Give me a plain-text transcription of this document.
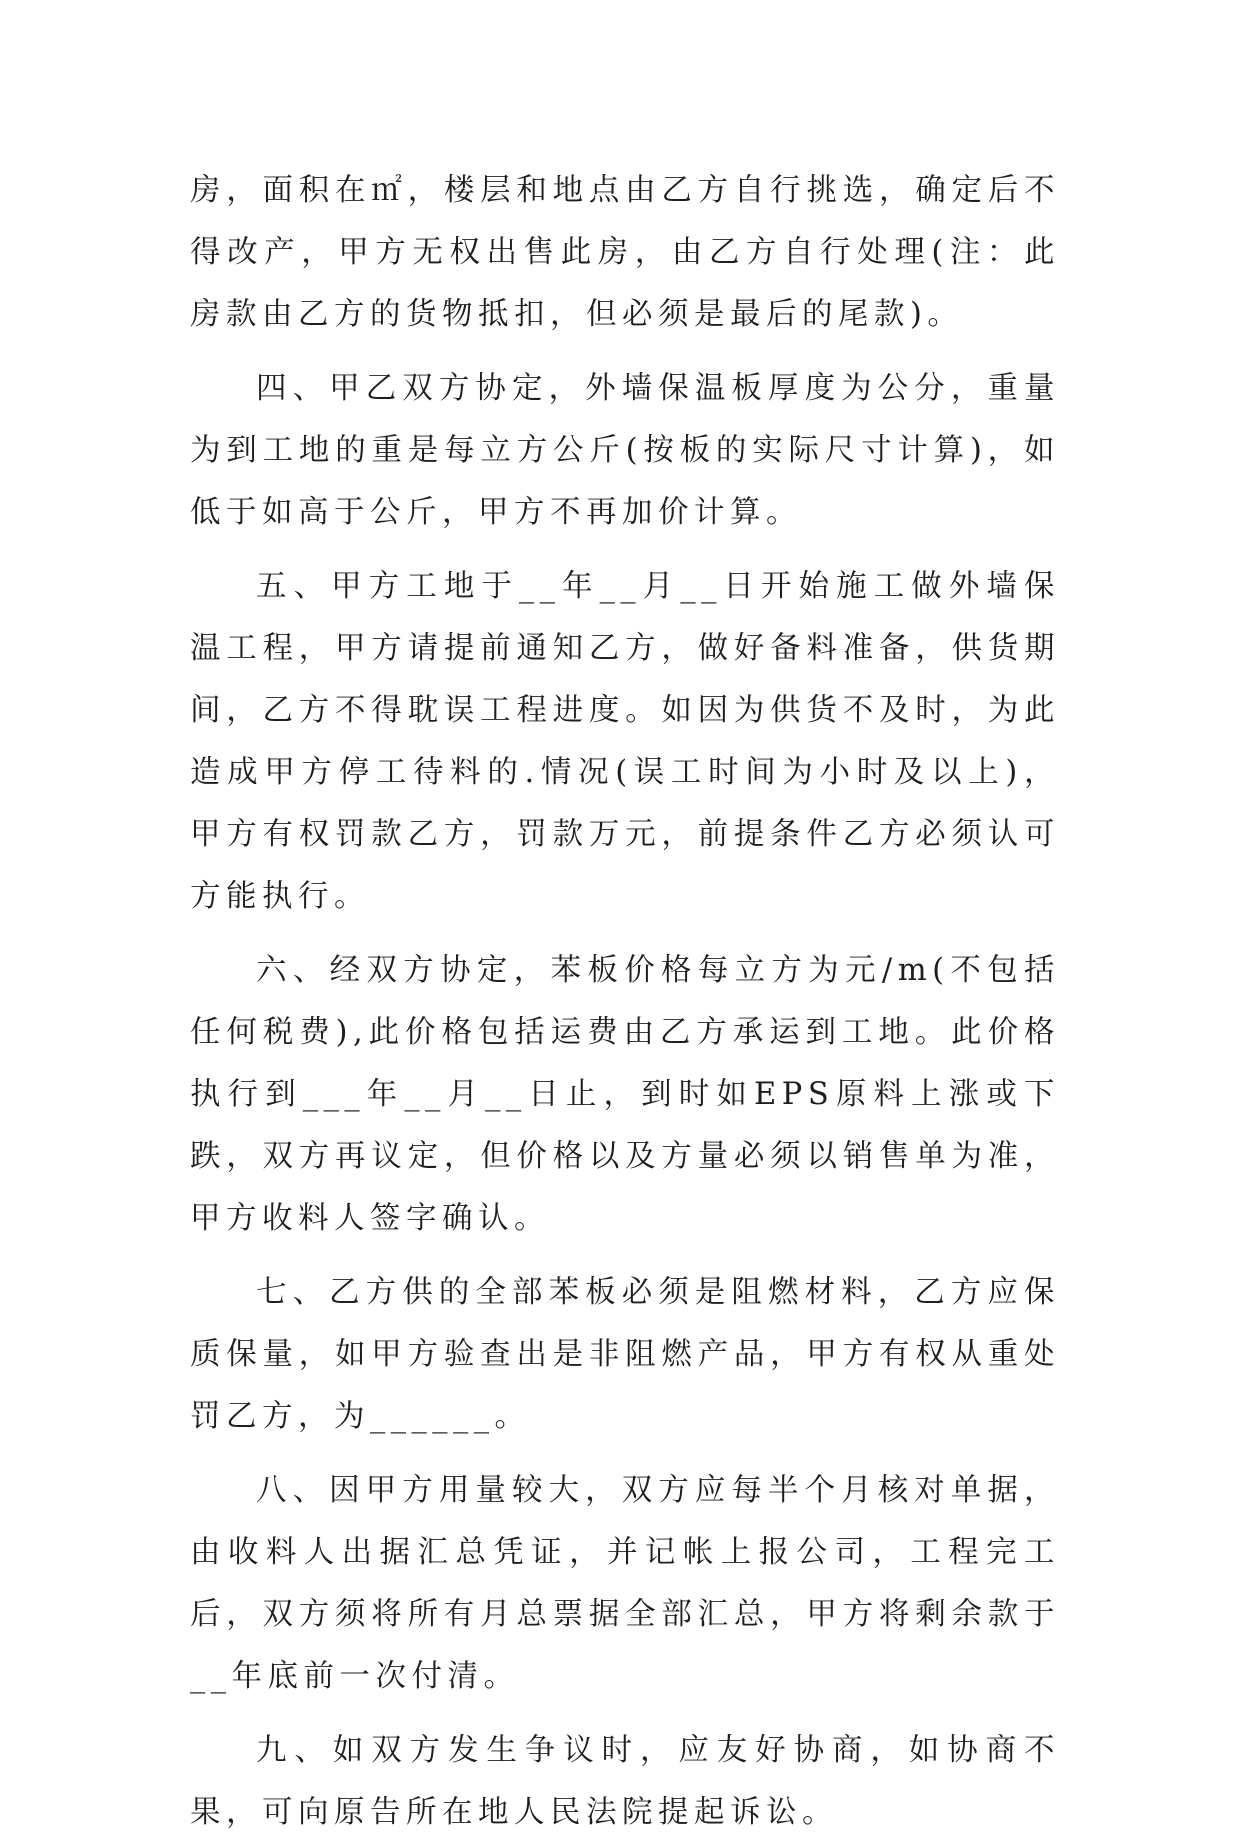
房，面积在㎡，楼层和地点由乙方自行挑选，确定后不得改产，甲方无权出售此房，由乙方自行处理(注：此房款由乙方的货物抵扣，但必须是最后的尾款)。

四、甲乙双方协定，外墙保温板厚度为公分，重量为到工地的重是每立方公斤(按板的实际尺寸计算)，如低于如高于公斤，甲方不再加价计算。

五、甲方工地于__年__月__日开始施工做外墙保温工程，甲方请提前通知乙方，做好备料准备，供货期间，乙方不得耽误工程进度。如因为供货不及时，为此造成甲方停工待料的.情况(误工时间为小时及以上)，甲方有权罚款乙方，罚款万元，前提条件乙方必须认可方能执行。

六、经双方协定，苯板价格每立方为元/m(不包括任何税费),此价格包括运费由乙方承运到工地。此价格执行到___年__月__日止，到时如EPS原料上涨或下跌，双方再议定，但价格以及方量必须以销售单为准，甲方收料人签字确认。

七、乙方供的全部苯板必须是阻燃材料，乙方应保质保量，如甲方验查出是非阻燃产品，甲方有权从重处罚乙方，为______。

八、因甲方用量较大，双方应每半个月核对单据，由收料人出据汇总凭证，并记帐上报公司，工程完工后，双方须将所有月总票据全部汇总，甲方将剩余款于__年底前一次付清。

九、如双方发生争议时，应友好协商，如协商不果，可向原告所在地人民法院提起诉讼。
